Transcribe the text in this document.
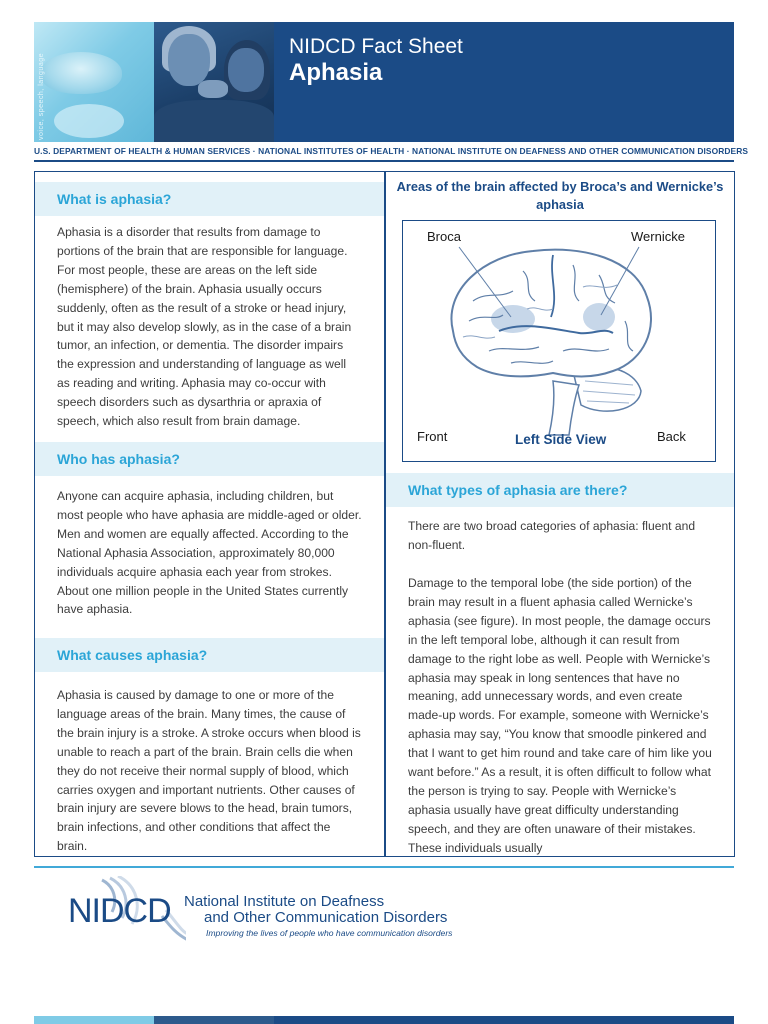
voice, speech, language
NIDCD Fact Sheet
Aphasia
U.S. DEPARTMENT OF HEALTH & HUMAN SERVICES · NATIONAL INSTITUTES OF HEALTH · NATIONAL INSTITUTE ON DEAFNESS AND OTHER COMMUNICATION DISORDERS
What is aphasia?

Aphasia is a disorder that results from damage to portions of the brain that are responsible for language. For most people, these are areas on the left side (hemisphere) of the brain. Aphasia usually occurs suddenly, often as the result of a stroke or head injury, but it may also develop slowly, as in the case of a brain tumor, an infection, or dementia. The disorder impairs the expression and understanding of language as well as reading and writing. Aphasia may co-occur with speech disorders such as dysarthria or apraxia of speech, which also result from brain damage.

Who has aphasia?

Anyone can acquire aphasia, including children, but most people who have aphasia are middle-aged or older. Men and women are equally affected. According to the National Aphasia Association, approximately 80,000 individuals acquire aphasia each year from strokes. About one million people in the United States currently have aphasia.

What causes aphasia?

Aphasia is caused by damage to one or more of the language areas of the brain. Many times, the cause of the brain injury is a stroke. A stroke occurs when blood is unable to reach a part of the brain. Brain cells die when they do not receive their normal supply of blood, which carries oxygen and important nutrients. Other causes of brain injury are severe blows to the head, brain tumors, brain infections, and other conditions that affect the brain.

Areas of the brain affected by Broca’s and Wernicke’s aphasia
Broca	Wernicke
Front	Left Side View	Back
What types of aphasia are there?

There are two broad categories of aphasia: fluent and non-fluent.

Damage to the temporal lobe (the side portion) of the brain may result in a fluent aphasia called Wernicke’s aphasia (see figure). In most people, the damage occurs in the left temporal lobe, although it can result from damage to the right lobe as well. People with Wernicke’s aphasia may speak in long sentences that have no meaning, add unnecessary words, and even create made-up words. For example, someone with Wernicke’s aphasia may say, “You know that smoodle pinkered and that I want to get him round and take care of him like you want before.” As a result, it is often difficult to follow what the person is trying to say. People with Wernicke’s aphasia usually have great difficulty understanding speech, and they are often unaware of their mistakes. These individuals usually

NIDCD National Institute on Deafness
and Other Communication Disorders
Improving the lives of people who have communication disorders
